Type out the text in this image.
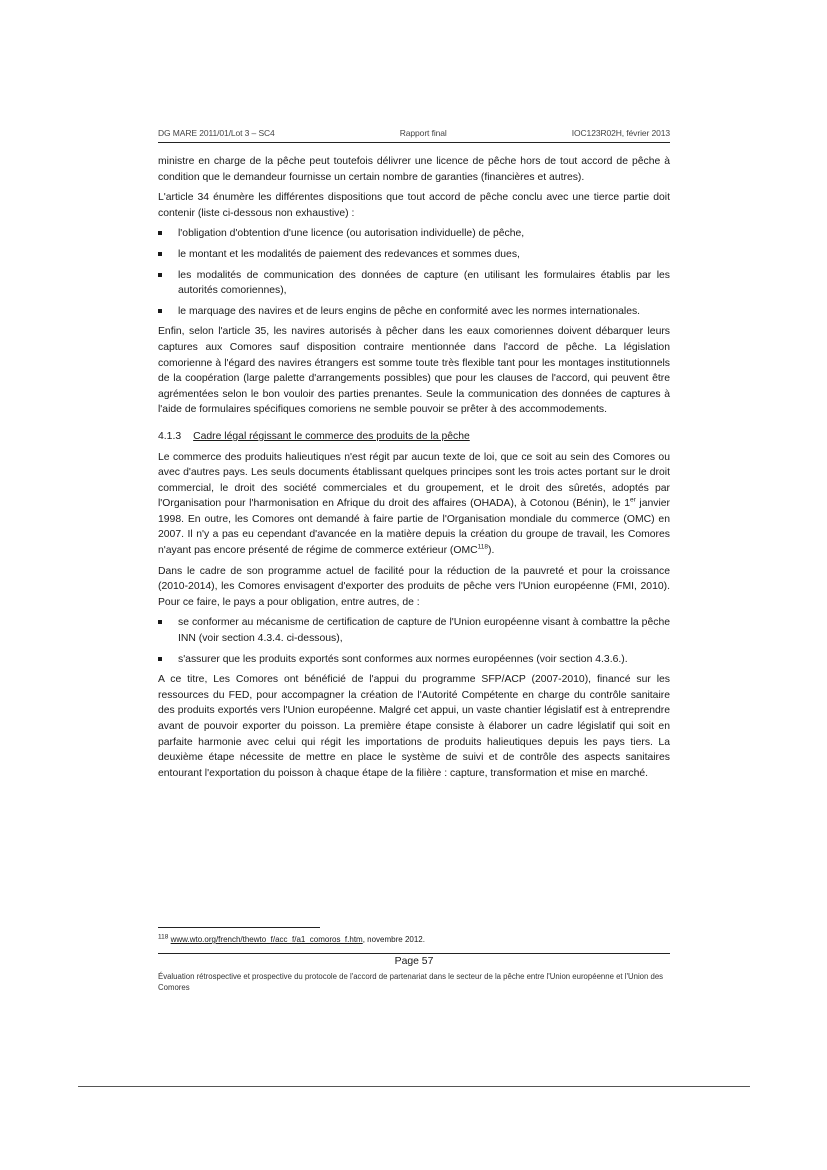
DG MARE 2011/01/Lot 3 – SC4	Rapport final	IOC123R02H, février 2013

ministre en charge de la pêche peut toutefois délivrer une licence de pêche hors de tout accord de pêche à condition que le demandeur fournisse un certain nombre de garanties (financières et autres).

L'article 34 énumère les différentes dispositions que tout accord de pêche conclu avec une tierce partie doit contenir (liste ci-dessous non exhaustive) :

l'obligation d'obtention d'une licence (ou autorisation individuelle) de pêche,
le montant et les modalités de paiement des redevances et sommes dues,
les modalités de communication des données de capture (en utilisant les formulaires établis par les autorités comoriennes),
le marquage des navires et de leurs engins de pêche en conformité avec les normes internationales.

Enfin, selon l'article 35, les navires autorisés à pêcher dans les eaux comoriennes doivent débarquer leurs captures aux Comores sauf disposition contraire mentionnée dans l'accord de pêche. La législation comorienne à l'égard des navires étrangers est somme toute très flexible tant pour les montages institutionnels de la coopération (large palette d'arrangements possibles) que pour les clauses de l'accord, qui peuvent être agrémentées selon le bon vouloir des parties prenantes. Seule la communication des données de captures à l'aide de formulaires spécifiques comoriens ne semble pouvoir se prêter à des accommodements.

4.1.3 Cadre légal régissant le commerce des produits de la pêche

Le commerce des produits halieutiques n'est régit par aucun texte de loi, que ce soit au sein des Comores ou avec d'autres pays. Les seuls documents établissant quelques principes sont les trois actes portant sur le droit commercial, le droit des société commerciales et du groupement, et le droit des sûretés, adoptés par l'Organisation pour l'harmonisation en Afrique du droit des affaires (OHADA), à Cotonou (Bénin), le 1er janvier 1998. En outre, les Comores ont demandé à faire partie de l'Organisation mondiale du commerce (OMC) en 2007. Il n'y a pas eu cependant d'avancée en la matière depuis la création du groupe de travail, les Comores n'ayant pas encore présenté de régime de commerce extérieur (OMC$^{118}$).

Dans le cadre de son programme actuel de facilité pour la réduction de la pauvreté et pour la croissance (2010-2014), les Comores envisagent d'exporter des produits de pêche vers l'Union européenne (FMI, 2010). Pour ce faire, le pays a pour obligation, entre autres, de :

se conformer au mécanisme de certification de capture de l'Union européenne visant à combattre la pêche INN (voir section 4.3.4. ci-dessous),
s'assurer que les produits exportés sont conformes aux normes européennes (voir section 4.3.6.).

A ce titre, Les Comores ont bénéficié de l'appui du programme SFP/ACP (2007-2010), financé sur les ressources du FED, pour accompagner la création de l'Autorité Compétente en charge du contrôle sanitaire des produits exportés vers l'Union européenne. Malgré cet appui, un vaste chantier législatif est à entreprendre avant de pouvoir exporter du poisson. La première étape consiste à élaborer un cadre législatif qui soit en parfaite harmonie avec celui qui régit les importations de produits halieutiques depuis les pays tiers. La deuxième étape nécessite de mettre en place le système de suivi et de contrôle des aspects sanitaires entourant l'exportation du poisson à chaque étape de la filière : capture, transformation et mise en marché.

$^{118}$ www.wto.org/french/thewto_f/acc_f/a1_comoros_f.htm, novembre 2012.
Page 57
Évaluation rétrospective et prospective du protocole de l'accord de partenariat dans le secteur de la pêche entre l'Union européenne et l'Union des Comores
